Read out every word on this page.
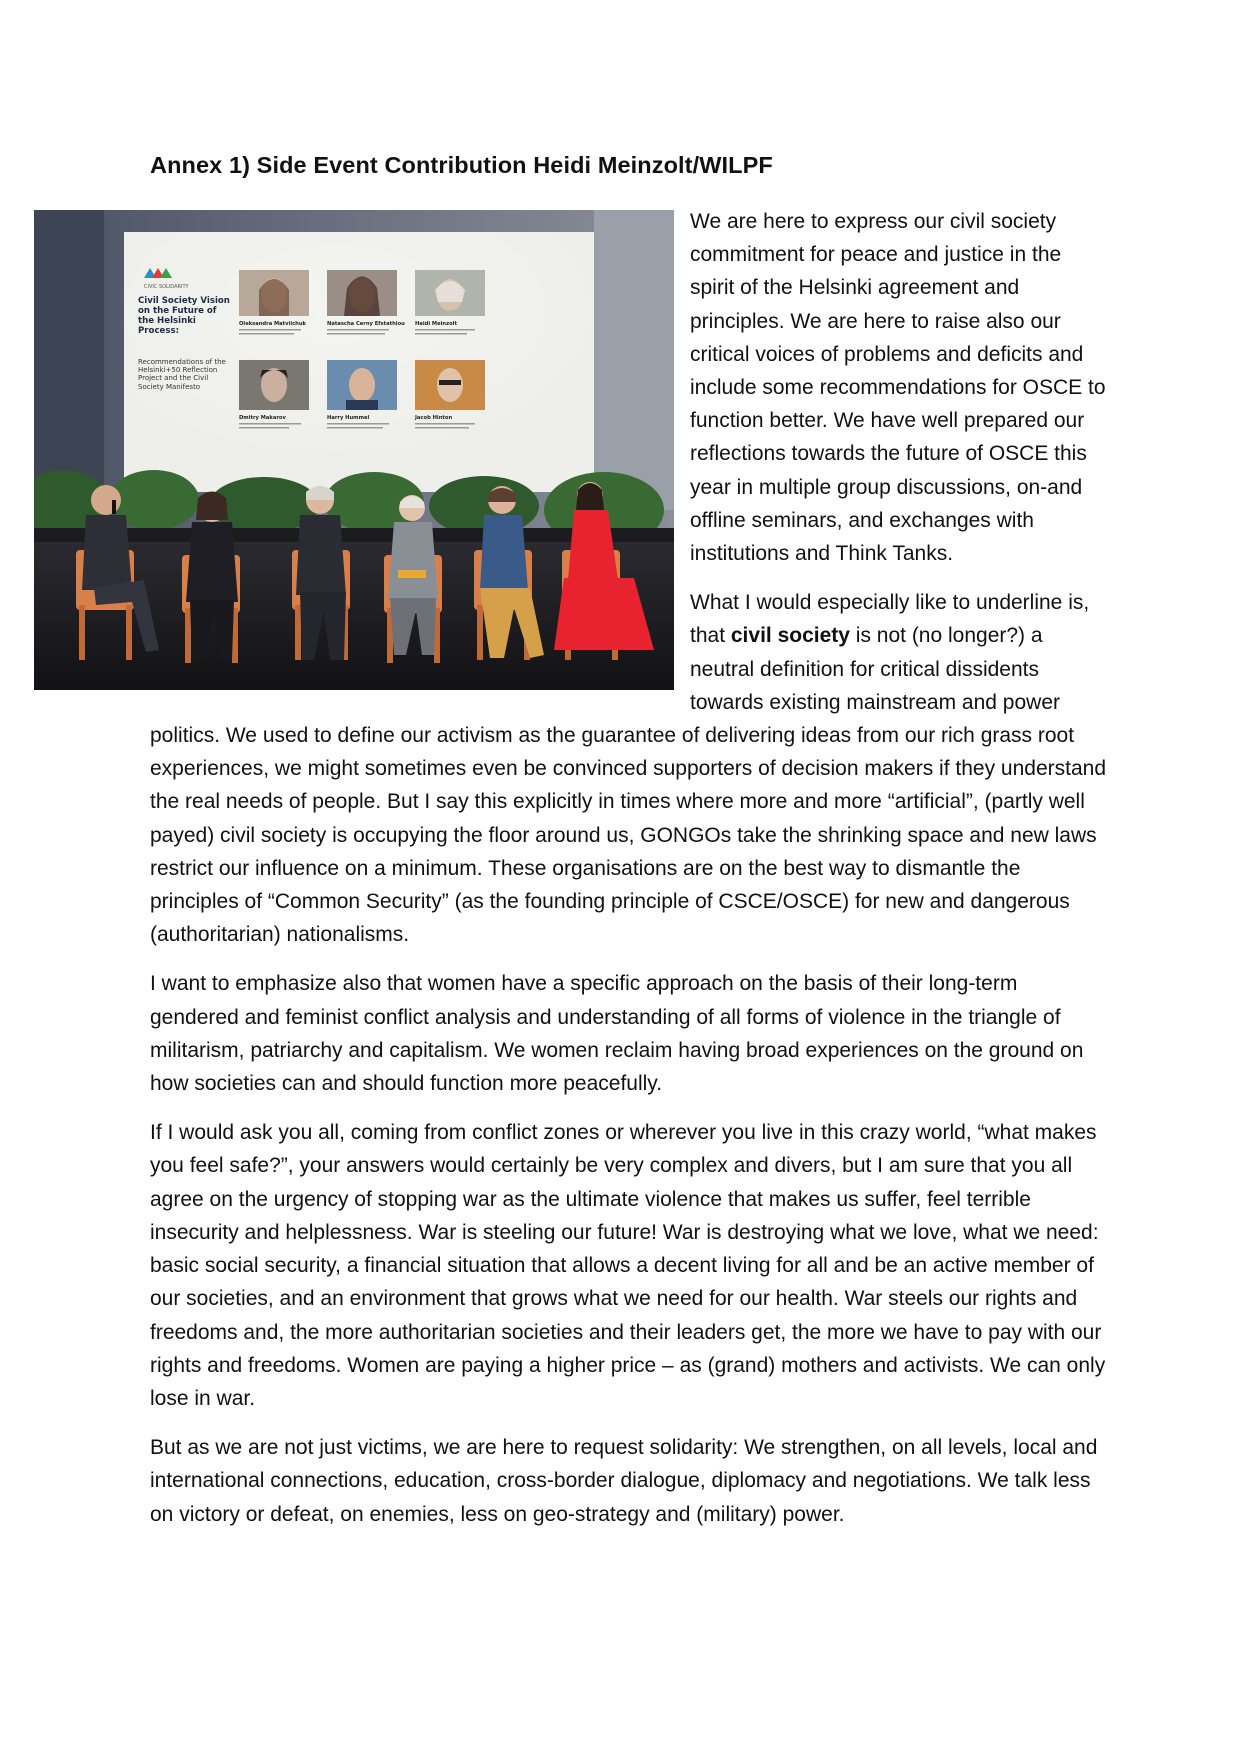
Annex 1) Side Event Contribution Heidi Meinzolt/WILPF
CIVIC SOLIDARITY
Civil Society Vision on the Future of the Helsinki Process:
Recommendations of the Helsinki+50 Reflection Project and the Civil Society Manifesto
Oleksandra Matviichuk	Natascha Cerny Efstathiou Heidi Meinzolt
Dmitry Makarov	Harry Hummel	Jacob Hinton

We are here to express our civil society commitment for peace and justice in the spirit of the Helsinki agreement and principles. We are here to raise also our critical voices of problems and deficits and include some recommendations for OSCE to function better. We have well prepared our reflections towards the future of OSCE this year in multiple group discussions, on-and offline seminars, and exchanges with institutions and Think Tanks.

What I would especially like to underline is, that civil society is not (no longer?) a neutral definition for critical dissidents towards existing mainstream and power politics. We used to define our activism as the guarantee of delivering ideas from our rich grass root experiences, we might sometimes even be convinced supporters of decision makers if they understand the real needs of people. But I say this explicitly in times where more and more “artificial”, (partly well payed) civil society is occupying the floor around us, GONGOs take the shrinking space and new laws restrict our influence on a minimum. These organisations are on the best way to dismantle the principles of “Common Security” (as the founding principle of CSCE/OSCE) for new and dangerous (authoritarian) nationalisms.

I want to emphasize also that women have a specific approach on the basis of their long-term gendered and feminist conflict analysis and understanding of all forms of violence in the triangle of militarism, patriarchy and capitalism. We women reclaim having broad experiences on the ground on how societies can and should function more peacefully.

If I would ask you all, coming from conflict zones or wherever you live in this crazy world, “what makes you feel safe?”, your answers would certainly be very complex and divers, but I am sure that you all agree on the urgency of stopping war as the ultimate violence that makes us suffer, feel terrible insecurity and helplessness. War is steeling our future! War is destroying what we love, what we need: basic social security, a financial situation that allows a decent living for all and be an active member of our societies, and an environment that grows what we need for our health. War steels our rights and freedoms and, the more authoritarian societies and their leaders get, the more we have to pay with our rights and freedoms. Women are paying a higher price – as (grand) mothers and activists. We can only lose in war.

But as we are not just victims, we are here to request solidarity: We strengthen, on all levels, local and international connections, education, cross-border dialogue, diplomacy and negotiations. We talk less on victory or defeat, on enemies, less on geo-strategy and (military) power.
